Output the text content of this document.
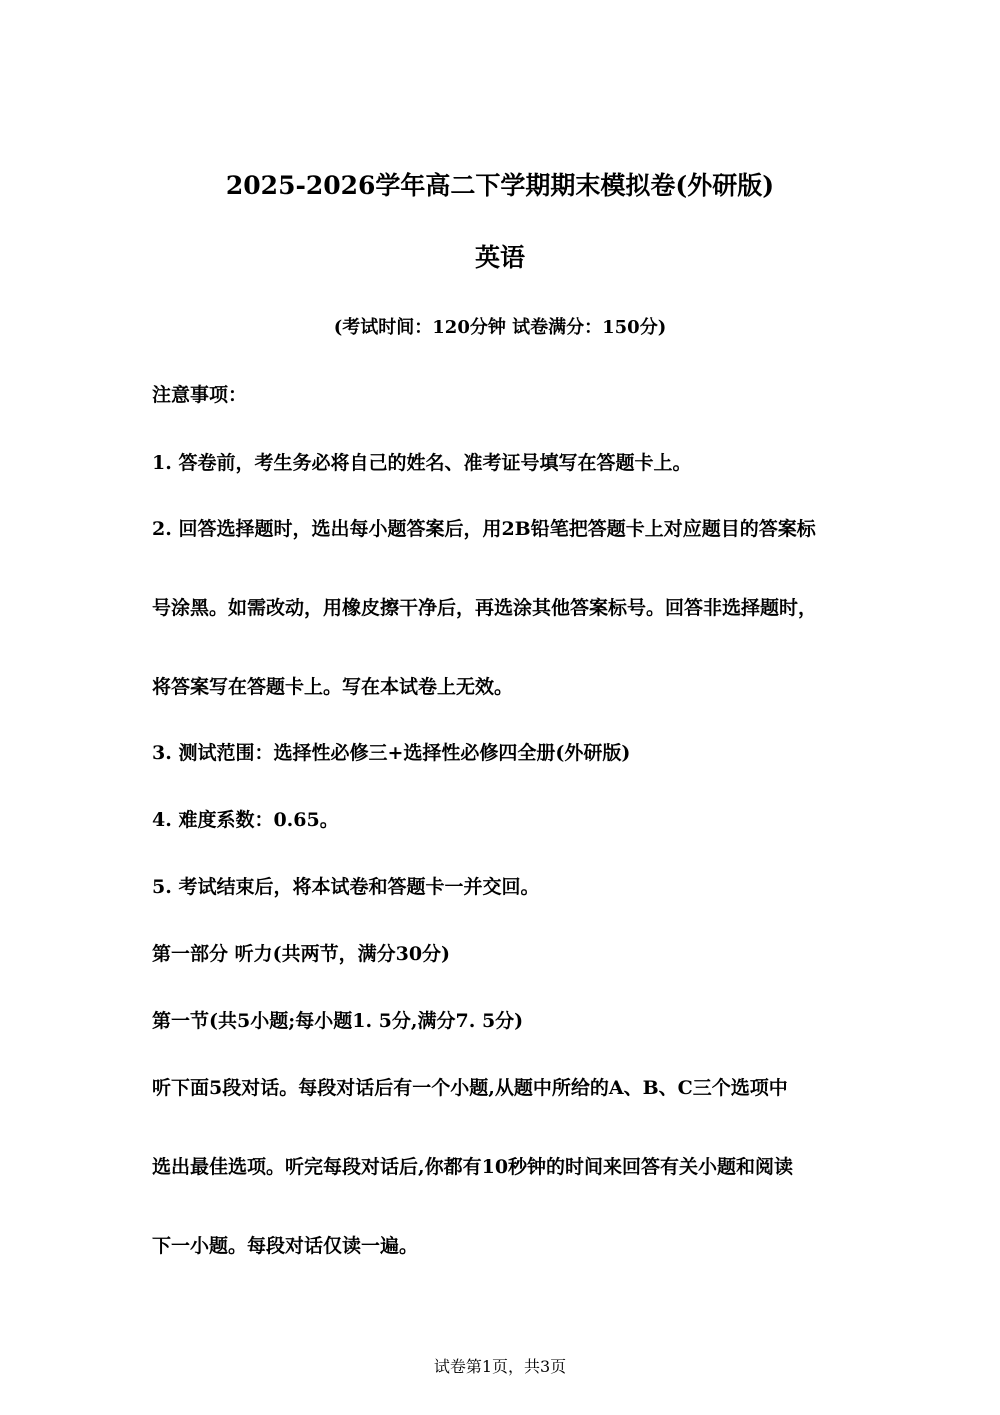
2025-2026学年高二下学期期末模拟卷(外研版)
英语
(考试时间：120分钟 试卷满分：150分)
注意事项：
1. 答卷前，考生务必将自己的姓名、准考证号填写在答题卡上。
2. 回答选择题时，选出每小题答案后，用2B铅笔把答题卡上对应题目的答案标
号涂黑。如需改动，用橡皮擦干净后，再选涂其他答案标号。回答非选择题时，
将答案写在答题卡上。写在本试卷上无效。
3. 测试范围：选择性必修三+选择性必修四全册(外研版)
4. 难度系数：0.65。
5. 考试结束后，将本试卷和答题卡一并交回。
第一部分 听力(共两节，满分30分)
第一节(共5小题;每小题1. 5分,满分7. 5分)
听下面5段对话。每段对话后有一个小题,从题中所给的A、B、C三个选项中
选出最佳选项。听完每段对话后,你都有10秒钟的时间来回答有关小题和阅读
下一小题。每段对话仅读一遍。
试卷第1页，共3页
